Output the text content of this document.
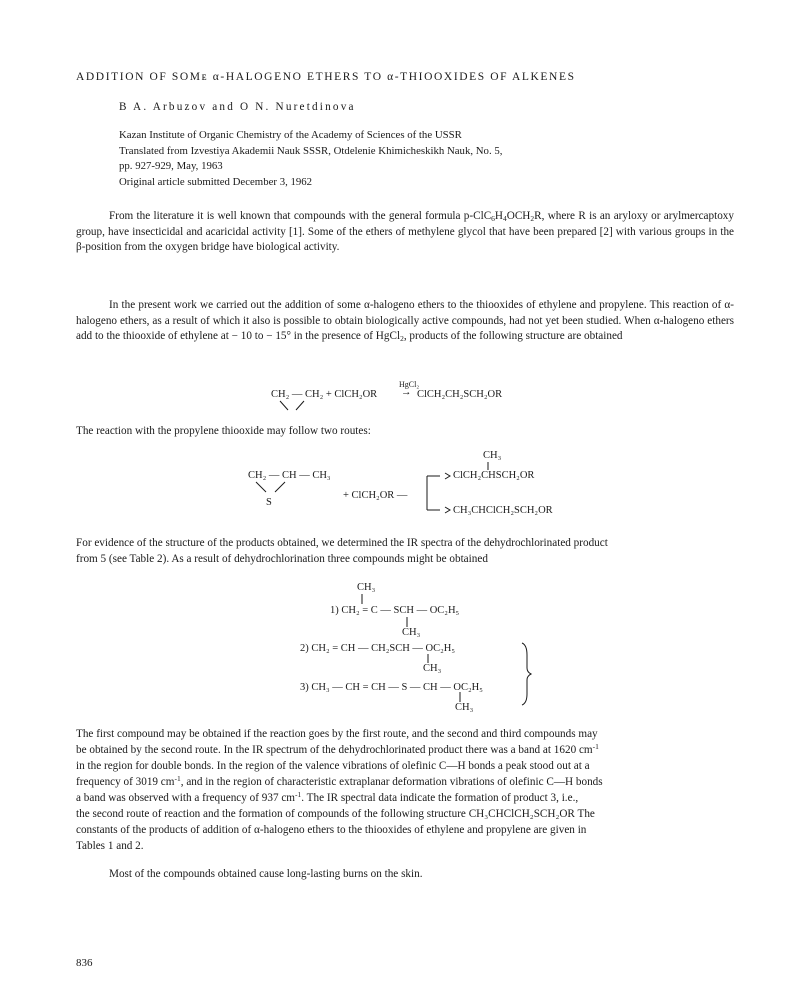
ADDITION OF SOMᴇ α-HALOGENO ETHERS TO α-THIOOXIDES OF ALKENES
B A. Arbuzov and O N. Nuretdinova
Kazan Institute of Organic Chemistry of the Academy of Sciences of the USSR
Translated from Izvestiya Akademii Nauk SSSR, Otdelenie Khimicheskikh Nauk, No. 5,
pp. 927-929, May, 1963
Original article submitted December 3, 1962
From the literature it is well known that compounds with the general formula $p-ClC_6H_4OCH_2R$, where R is an aryloxy or arylmercaptoxy group, have insecticidal and acaricidal activity [1]. Some of the ethers of methylene glycol that have been prepared [2] with various groups in the β-position from the oxygen bridge have biological activity.
In the present work we carried out the addition of some α-halogeno ethers to the thiooxides of ethylene and propylene. This reaction of α-halogeno ethers, as a result of which it also is possible to obtain biologically active compounds, had not yet been studied. When α-halogeno ethers add to the thiooxide of ethylene at − 10 to − 15° in the presence of HgCl$_2$, products of the following structure are obtained
HgCl₂
CH₂ — CH₂ + ClCH₂OR → ClCH₂CH₂SCH₂OR
The reaction with the propylene thiooxide may follow two routes:
CH₃
CH₂ — CH — CH₃
S
+ ClCH₂OR —
ClCH₂CHSCH₂OR
CH₃CHClCH₂SCH₂OR
For evidence of the structure of the products obtained, we determined the IR spectra of the dehydrochlorinated product
from 5 (see Table 2). As a result of dehydrochlorination three compounds might be obtained
CH₃
1) CH₂ = C — SCH — OC₂H₅
CH₃
2) CH₂ = CH — CH₂SCH — OC₂H₅
CH₃
3) CH₃ — CH = CH — S — CH — OC₂H₅
CH₃
The first compound may be obtained if the reaction goes by the first route, and the second and third compounds may
be obtained by the second route. In the IR spectrum of the dehydrochlorinated product there was a band at 1620 $cm^{-1}$
in the region for double bonds. In the region of the valence vibrations of olefinic C—H bonds a peak stood out at a
frequency of 3019 $cm^{-1}$, and in the region of characteristic extraplanar deformation vibrations of olefinic C—H bonds
a band was observed with a frequency of 937 $cm^{-1}$. The IR spectral data indicate the formation of product 3, i.e.,
the second route of reaction and the formation of compounds of the following structure CH₃CHClCH₂SCH₂OR The
constants of the products of addition of α-halogeno ethers to the thiooxides of ethylene and propylene are given in
Tables 1 and 2.
Most of the compounds obtained cause long-lasting burns on the skin.
836
